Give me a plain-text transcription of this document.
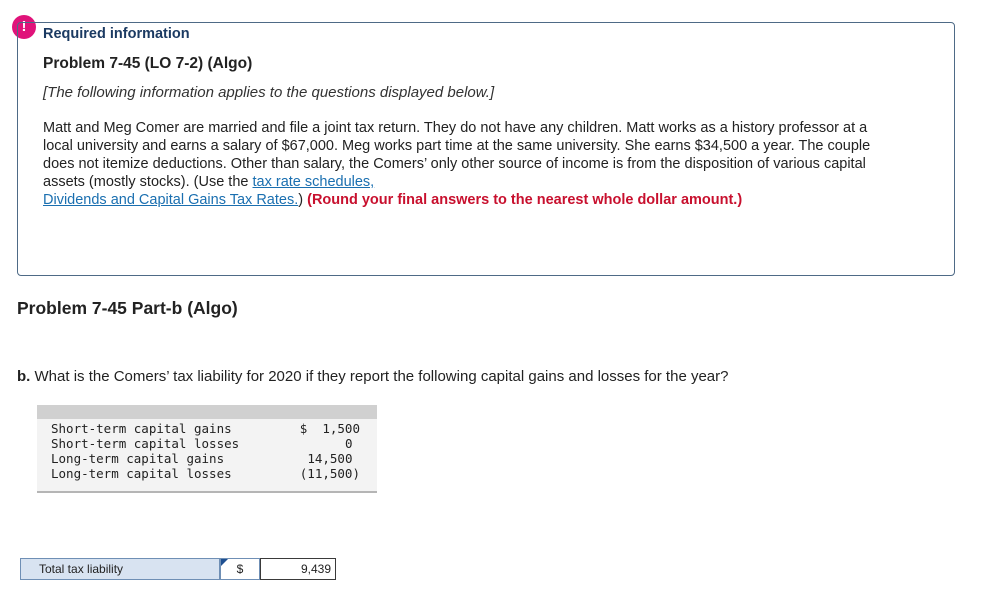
!	Required information
Problem 7-45 (LO 7-2) (Algo)
[The following information applies to the questions displayed below.]
Matt and Meg Comer are married and file a joint tax return. They do not have any children. Matt works as a history professor at a local university and earns a salary of $67,000. Meg works part time at the same university. She earns $34,500 a year. The couple does not itemize deductions. Other than salary, the Comers’ only other source of income is from the disposition of various capital assets (mostly stocks). (Use the tax rate schedules,
Dividends and Capital Gains Tax Rates.) (Round your final answers to the nearest whole dollar amount.)
Problem 7-45 Part-b (Algo)
b. What is the Comers’ tax liability for 2020 if they report the following capital gains and losses for the year?
Short-term capital gains	$  1,500
Short-term capital losses	0
Long-term capital gains	14,500
Long-term capital losses	(11,500)
Total tax liability	$	9,439
